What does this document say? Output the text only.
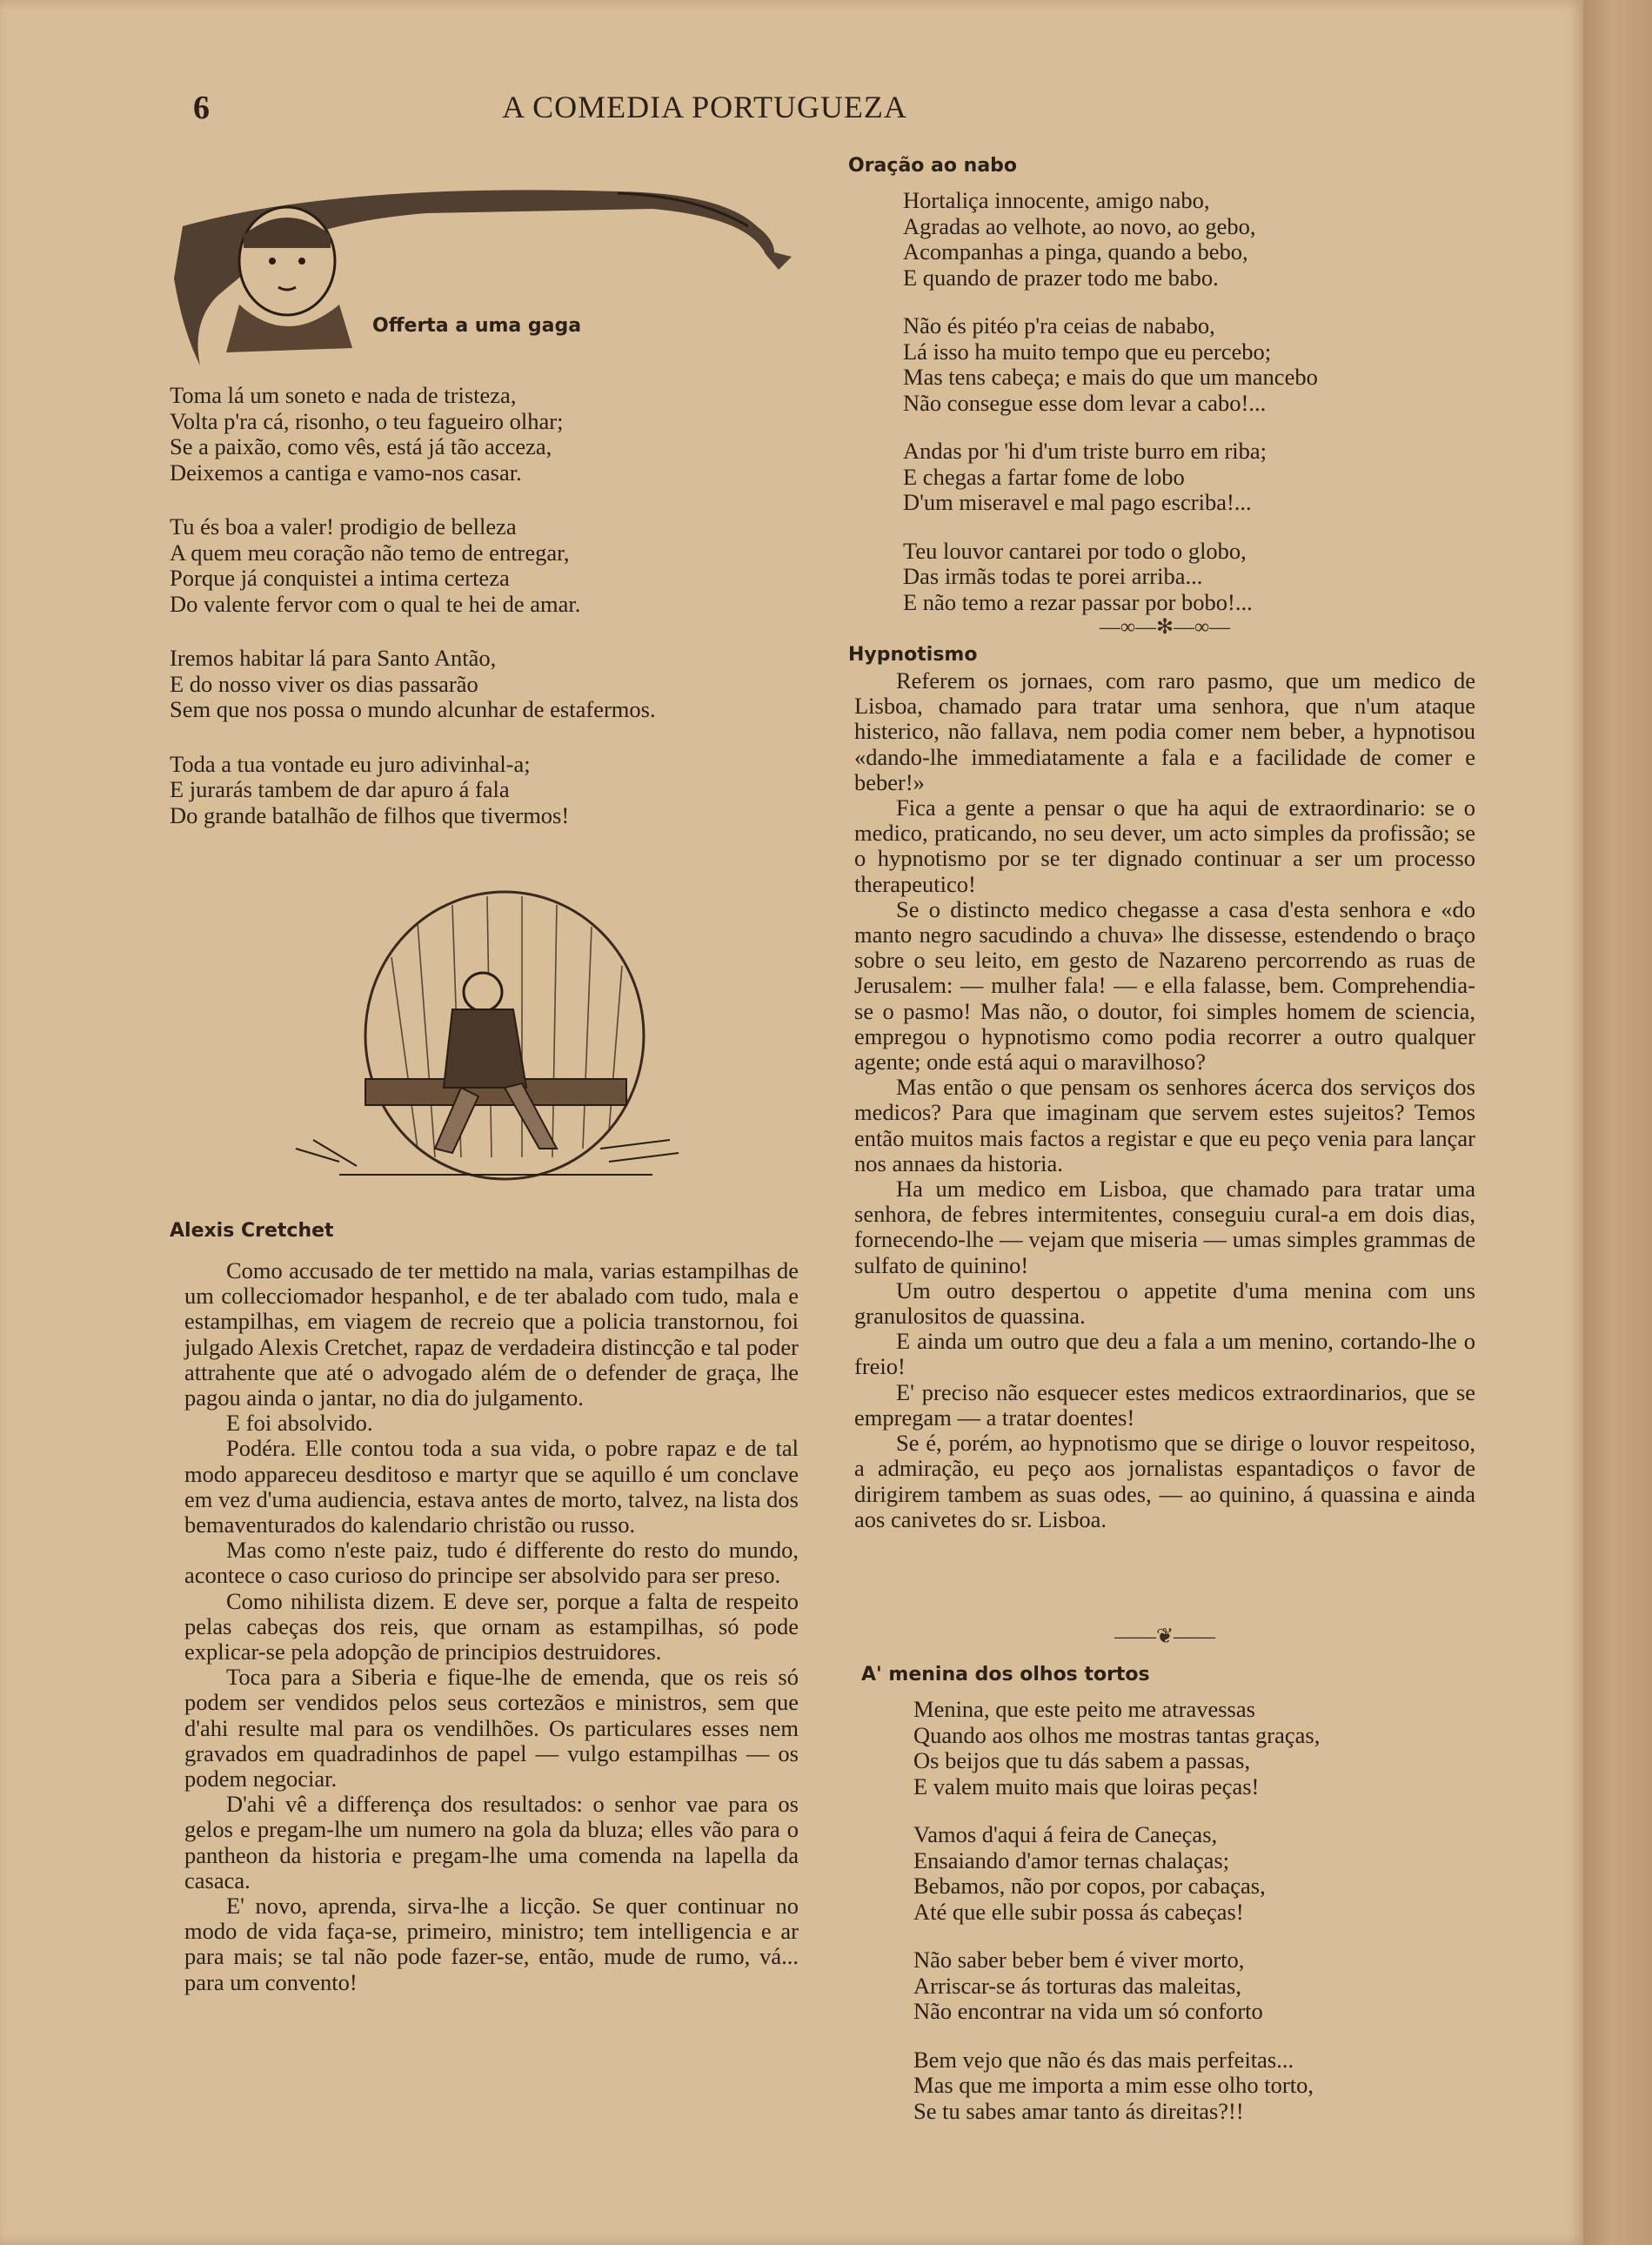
6	A COMEDIA PORTUGUEZA

Offerta a uma gaga

Toma lá um soneto e nada de tristeza,
Volta p'ra cá, risonho, o teu fagueiro olhar;
Se a paixão, como vês, está já tão acceza,
Deixemos a cantiga e vamo-nos casar.
Tu és boa a valer! prodigio de belleza
A quem meu coração não temo de entregar,
Porque já conquistei a intima certeza
Do valente fervor com o qual te hei de amar.
Iremos habitar lá para Santo Antão,
E do nosso viver os dias passarão
Sem que nos possa o mundo alcunhar de estafermos.
Toda a tua vontade eu juro adivinhal-a;
E jurarás tambem de dar apuro á fala
Do grande batalhão de filhos que tivermos!

Alexis Cretchet

Como accusado de ter mettido na mala, varias estampilhas de um collecciomador hespanhol, e de ter abalado com tudo, mala e estampilhas, em viagem de recreio que a policia transtornou, foi julgado Alexis Cretchet, rapaz de verdadeira distincção e tal poder attrahente que até o advogado além de o defender de graça, lhe pagou ainda o jantar, no dia do julgamento.

E foi absolvido.

Podéra. Elle contou toda a sua vida, o pobre rapaz e de tal modo appareceu desditoso e martyr que se aquillo é um conclave em vez d'uma audiencia, estava antes de morto, talvez, na lista dos bemaventurados do kalendario christão ou russo.

Mas como n'este paiz, tudo é differente do resto do mundo, acontece o caso curioso do principe ser absolvido para ser preso.

Como nihilista dizem. E deve ser, porque a falta de respeito pelas cabeças dos reis, que ornam as estampilhas, só pode explicar-se pela adopção de principios destruidores.

Toca para a Siberia e fique-lhe de emenda, que os reis só podem ser vendidos pelos seus cortezãos e ministros, sem que d'ahi resulte mal para os vendilhões. Os particulares esses nem gravados em quadradinhos de papel — vulgo estampilhas — os podem negociar.

D'ahi vê a differença dos resultados: o senhor vae para os gelos e pregam-lhe um numero na gola da bluza; elles vão para o pantheon da historia e pregam-lhe uma comenda na lapella da casaca.

E' novo, aprenda, sirva-lhe a licção. Se quer continuar no modo de vida faça-se, primeiro, ministro; tem intelligencia e ar para mais; se tal não pode fazer-se, então, mude de rumo, vá... para um convento!

Oração ao nabo

Hortaliça innocente, amigo nabo,
Agradas ao velhote, ao novo, ao gebo,
Acompanhas a pinga, quando a bebo,
E quando de prazer todo me babo.
Não és pitéo p'ra ceias de nababo,
Lá isso ha muito tempo que eu percebo;
Mas tens cabeça; e mais do que um mancebo
Não consegue esse dom levar a cabo!...
Andas por 'hi d'um triste burro em riba;
E chegas a fartar fome de lobo
D'um miseravel e mal pago escriba!...
Teu louvor cantarei por todo o globo,
Das irmãs todas te porei arriba...
E não temo a rezar passar por bobo!...
—∞—✻—∞—

Hypnotismo

Referem os jornaes, com raro pasmo, que um medico de Lisboa, chamado para tratar uma senhora, que n'um ataque histerico, não fallava, nem podia comer nem beber, a hypnotisou «dando-lhe immediatamente a fala e a facilidade de comer e beber!»

Fica a gente a pensar o que ha aqui de extraordinario: se o medico, praticando, no seu dever, um acto simples da profissão; se o hypnotismo por se ter dignado continuar a ser um processo therapeutico!

Se o distincto medico chegasse a casa d'esta senhora e «do manto negro sacudindo a chuva» lhe dissesse, estendendo o braço sobre o seu leito, em gesto de Nazareno percorrendo as ruas de Jerusalem: — mulher fala! — e ella falasse, bem. Comprehendia-se o pasmo! Mas não, o doutor, foi simples homem de sciencia, empregou o hypnotismo como podia recorrer a outro qualquer agente; onde está aqui o maravilhoso?

Mas então o que pensam os senhores ácerca dos serviços dos medicos? Para que imaginam que servem estes sujeitos? Temos então muitos mais factos a registar e que eu peço venia para lançar nos annaes da historia.

Ha um medico em Lisboa, que chamado para tratar uma senhora, de febres intermitentes, conseguiu cural-a em dois dias, fornecendo-lhe — vejam que miseria — umas simples grammas de sulfato de quinino!

Um outro despertou o appetite d'uma menina com uns granulositos de quassina.

E ainda um outro que deu a fala a um menino, cortando-lhe o freio!

E' preciso não esquecer estes medicos extraordinarios, que se empregam — a tratar doentes!

Se é, porém, ao hypnotismo que se dirige o louvor respeitoso, a admiração, eu peço aos jornalistas espantadiços o favor de dirigirem tambem as suas odes, — ao quinino, á quassina e ainda aos canivetes do sr. Lisboa.

——❦——

A' menina dos olhos tortos

Menina, que este peito me atravessas
Quando aos olhos me mostras tantas graças,
Os beijos que tu dás sabem a passas,
E valem muito mais que loiras peças!
Vamos d'aqui á feira de Caneças,
Ensaiando d'amor ternas chalaças;
Bebamos, não por copos, por cabaças,
Até que elle subir possa ás cabeças!
Não saber beber bem é viver morto,
Arriscar-se ás torturas das maleitas,
Não encontrar na vida um só conforto
Bem vejo que não és das mais perfeitas...
Mas que me importa a mim esse olho torto,
Se tu sabes amar tanto ás direitas?!!
